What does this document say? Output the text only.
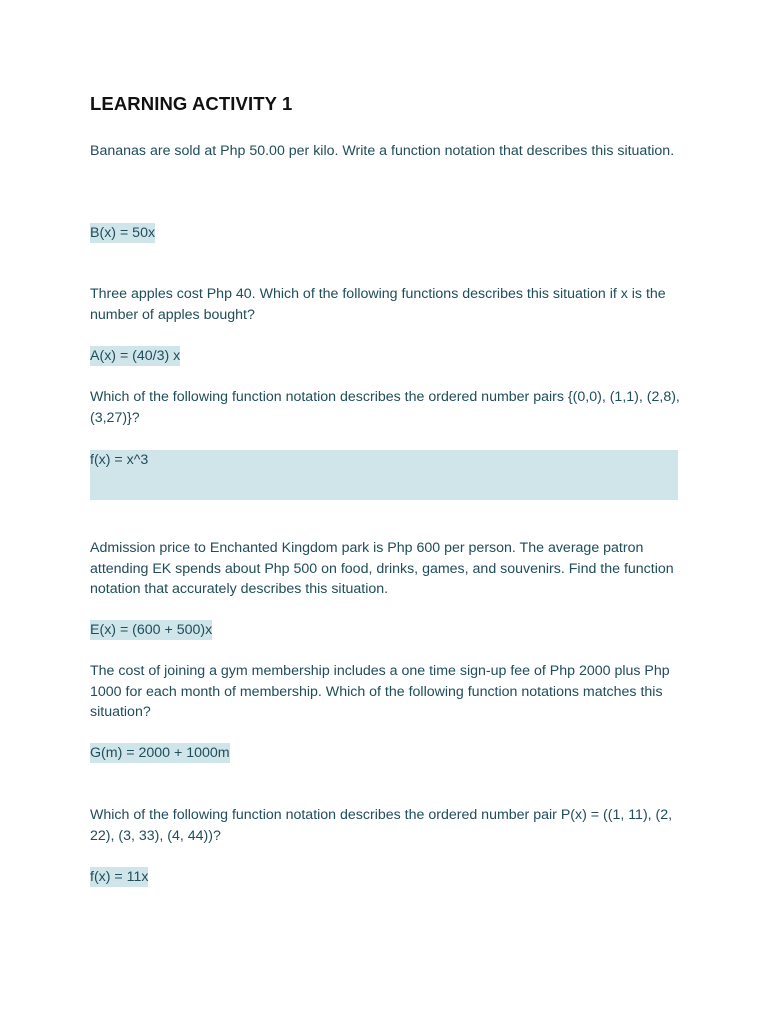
LEARNING ACTIVITY 1

Bananas are sold at Php 50.00 per kilo. Write a function notation that describes this situation.

B(x) = 50x

Three apples cost Php 40. Which of the following functions describes this situation if x is the number of apples bought?

A(x) = (40/3) x

Which of the following function notation describes the ordered number pairs {(0,0), (1,1), (2,8), (3,27)}?

f(x) = x^3

Admission price to Enchanted Kingdom park is Php 600 per person. The average patron attending EK spends about Php 500 on food, drinks, games, and souvenirs. Find the function notation that accurately describes this situation.

E(x) = (600 + 500)x

The cost of joining a gym membership includes a one time sign-up fee of Php 2000 plus Php 1000 for each month of membership. Which of the following function notations matches this situation?

G(m) = 2000 + 1000m

Which of the following function notation describes the ordered number pair P(x) = ((1, 11), (2, 22), (3, 33), (4, 44))?

f(x) = 11x
